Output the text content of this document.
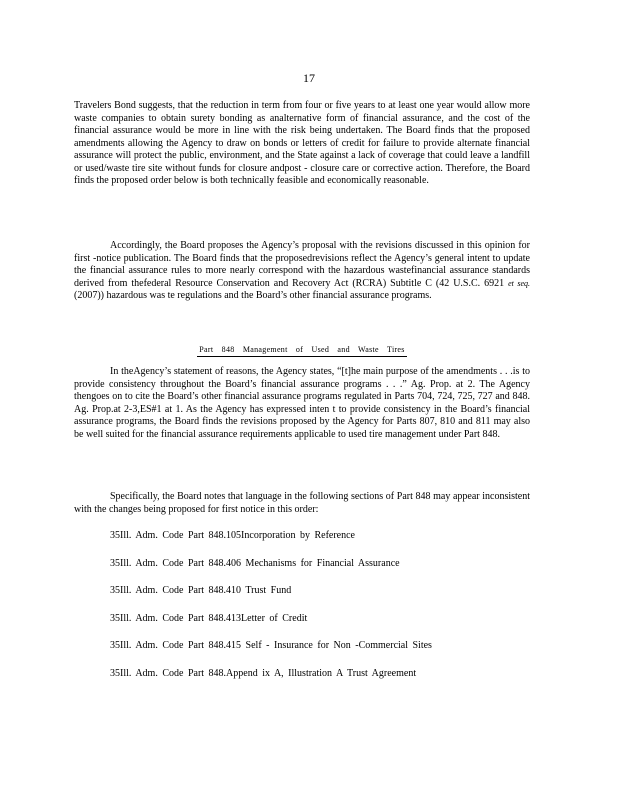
17

Travelers Bond suggests, that the reduction in term from four or five years to at least one year would allow more waste companies to obtain surety bonding as analternative form of financial assurance, and the cost of the financial assurance would be more in line with the risk being undertaken. The Board finds that the proposed amendments allowing the Agency to draw on bonds or letters of credit for failure to provide alternate financial assurance will protect the public, environment, and the State against a lack of coverage that could leave a landfill or used/waste tire site without funds for closure andpost - closure care or corrective action. Therefore, the Board finds the proposed order below is both technically feasible and economically reasonable.

Accordingly, the Board proposes the Agency’s proposal with the revisions discussed in this opinion for first -notice publication. The Board finds that the proposedrevisions reflect the Agency’s general intent to update the financial assurance rules to more nearly correspond with the hazardous wastefinancial assurance standards derived from thefederal Resource Conservation and Recovery Act (RCRA) Subtitle C (42 U.S.C. 6921 et seq. (2007)) hazardous was te regulations and the Board’s other financial assurance programs.

Part 848 Management of Used and Waste Tires

In theAgency’s statement of reasons, the Agency states, “[t]he main purpose of the amendments . . .is to provide consistency throughout the Board’s financial assurance programs . . .” Ag. Prop. at 2. The Agency thengoes on to cite the Board’s other financial assurance programs regulated in Parts 704, 724, 725, 727 and 848. Ag. Prop.at 2-3,ES#1 at 1. As the Agency has expressed inten t to provide consistency in the Board’s financial assurance programs, the Board finds the revisions proposed by the Agency for Parts 807, 810 and 811 may also be well suited for the financial assurance requirements applicable to used tire management under Part 848.

Specifically, the Board notes that language in the following sections of Part 848 may appear inconsistent with the changes being proposed for first notice in this order:

35Ill. Adm. Code Part 848.105Incorporation by Reference
35Ill. Adm. Code Part 848.406 Mechanisms for Financial Assurance
35Ill. Adm. Code Part 848.410 Trust Fund
35Ill. Adm. Code Part 848.413Letter of Credit
35Ill. Adm. Code Part 848.415 Self - Insurance for Non -Commercial Sites
35Ill. Adm. Code Part 848.Append ix A, Illustration A Trust Agreement
